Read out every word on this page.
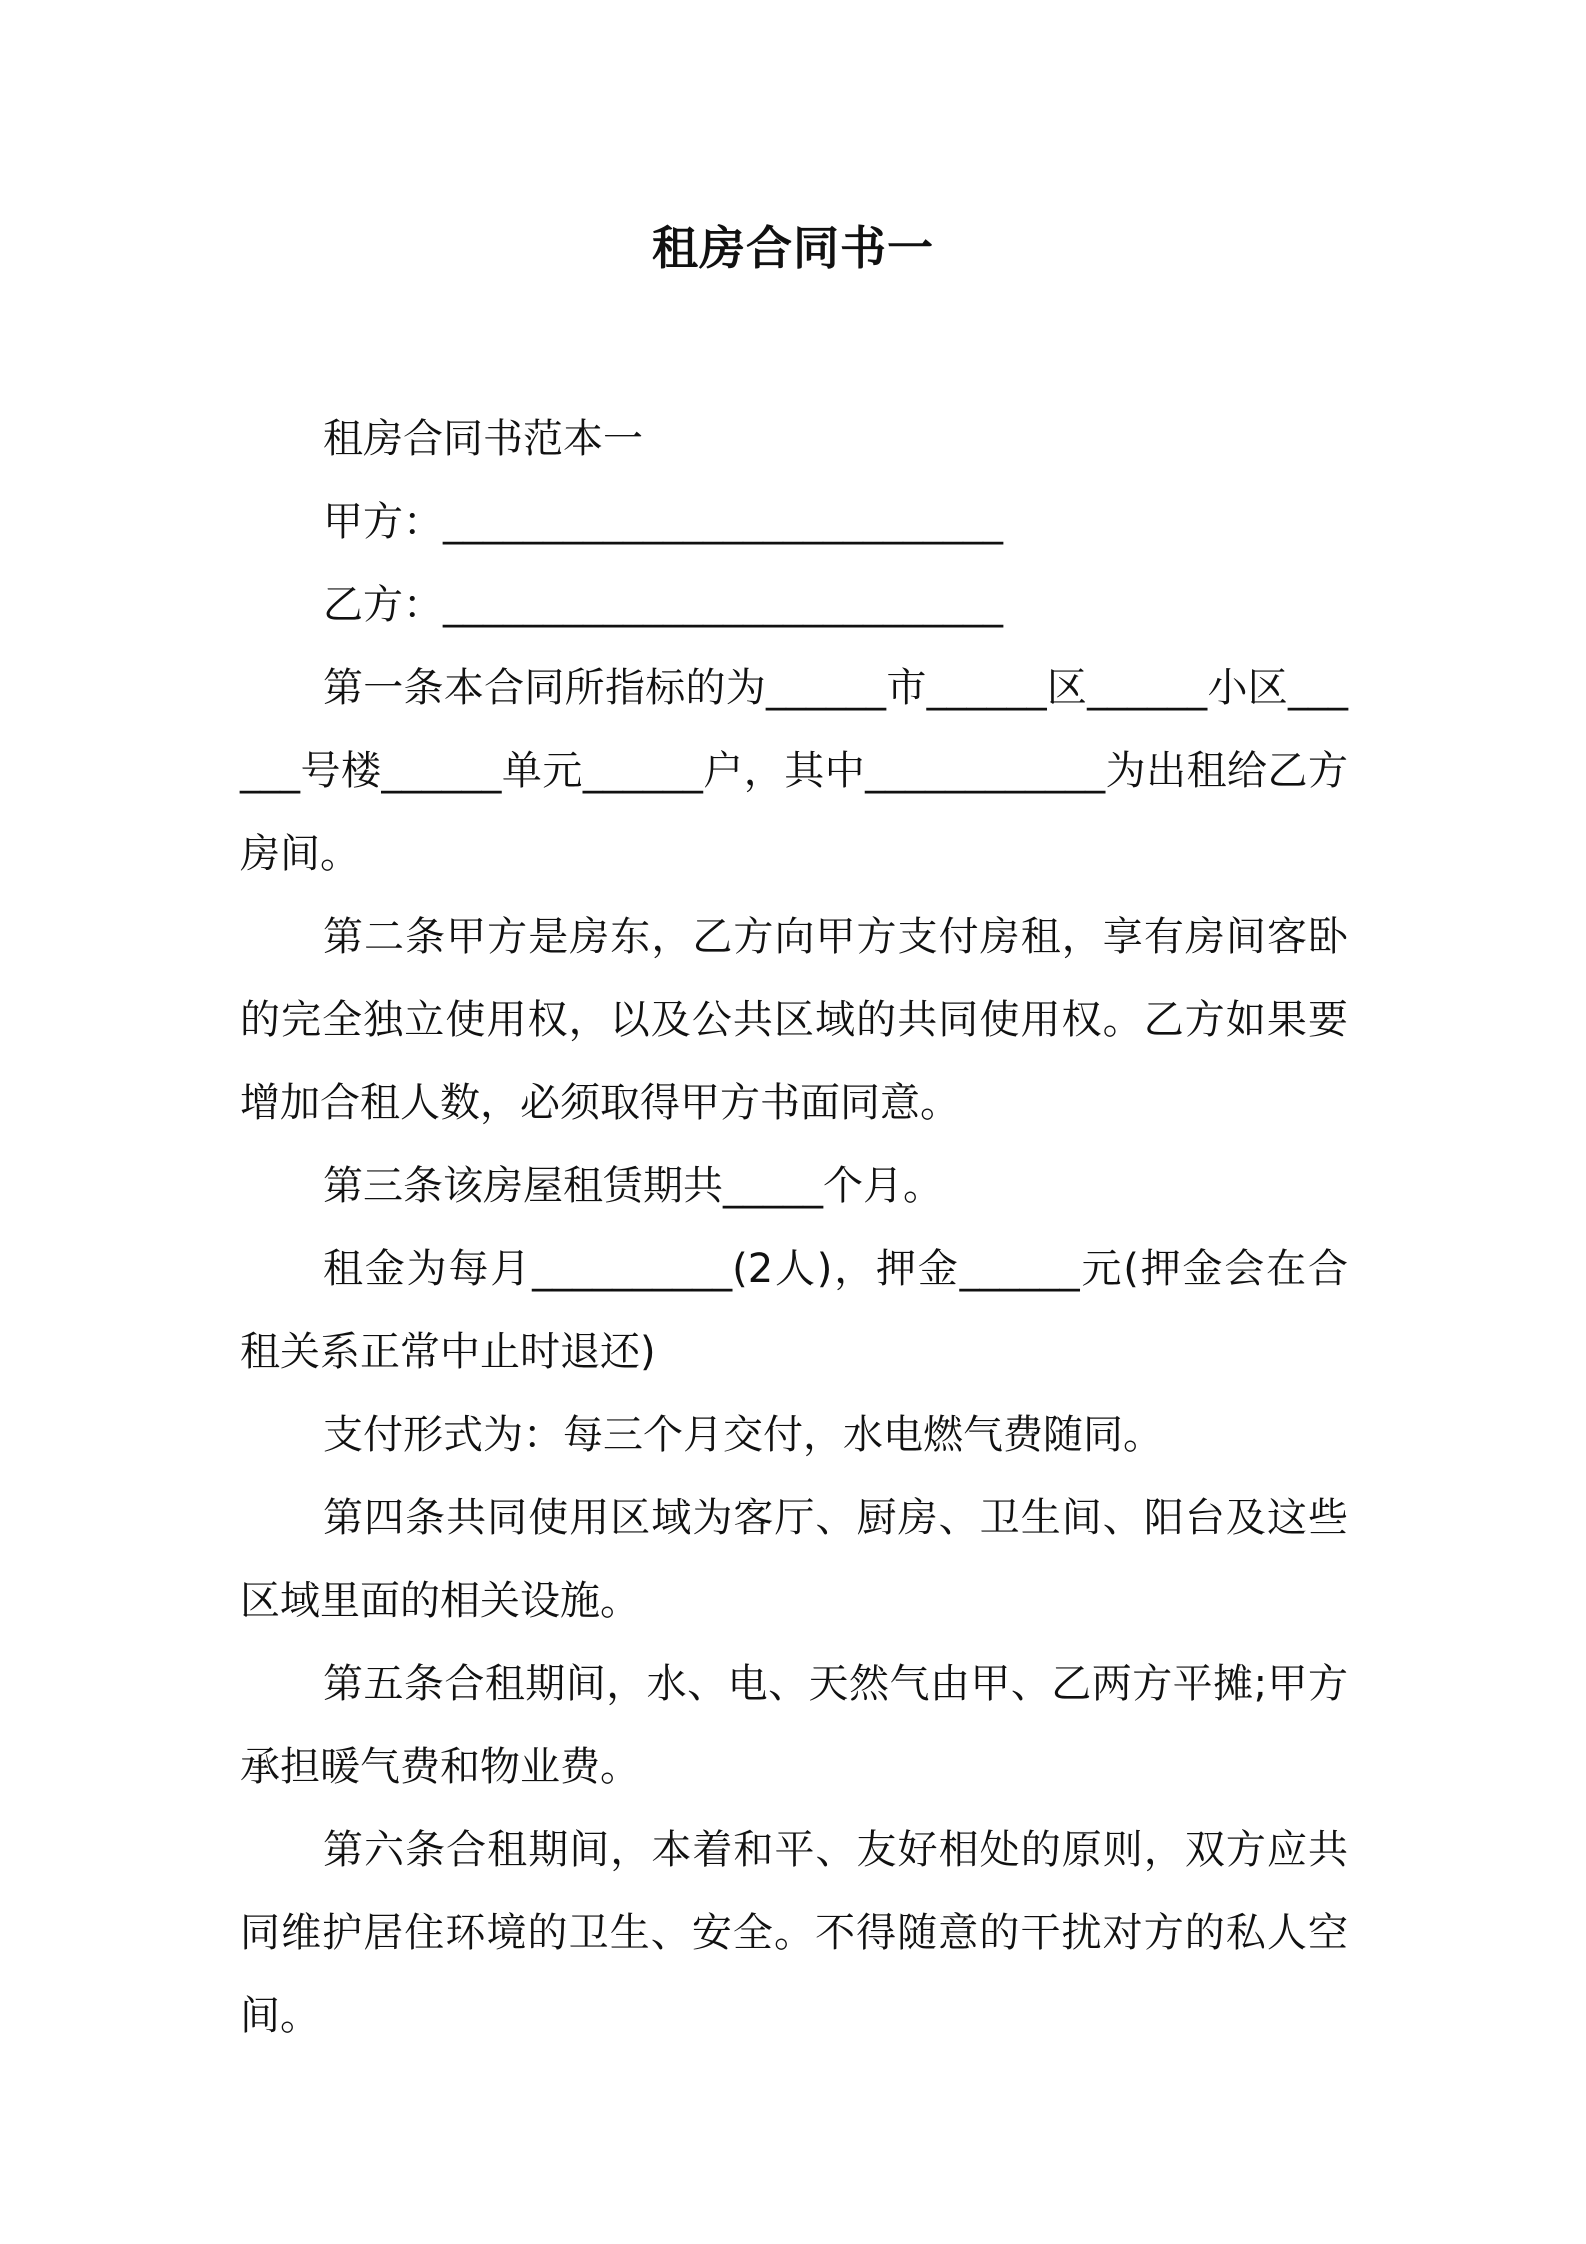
租房合同书一

租房合同书范本一

甲方：____________________________

乙方：____________________________

第一条本合同所指标的为______市______区______小区______号楼______单元______户，其中____________为出租给乙方房间。

第二条甲方是房东，乙方向甲方支付房租，享有房间客卧的完全独立使用权，以及公共区域的共同使用权。乙方如果要增加合租人数，必须取得甲方书面同意。

第三条该房屋租赁期共_____个月。

租金为每月__________(2人)，押金______元(押金会在合租关系正常中止时退还)

支付形式为：每三个月交付，水电燃气费随同。

第四条共同使用区域为客厅、厨房、卫生间、阳台及这些区域里面的相关设施。

第五条合租期间，水、电、天然气由甲、乙两方平摊;甲方承担暖气费和物业费。

第六条合租期间，本着和平、友好相处的原则，双方应共同维护居住环境的卫生、安全。不得随意的干扰对方的私人空间。
